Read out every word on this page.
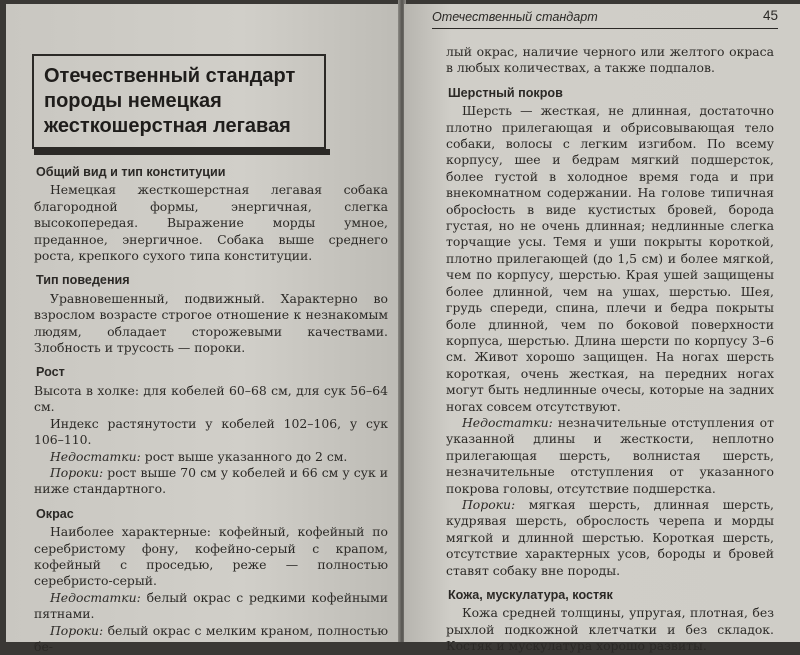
Отечественный стандарт
породы немецкая
жесткошерстная легавая
Общий вид и тип конституции

Немецкая жесткошерстная легавая собака благородной формы, энергичная, слегка высокопередая. Выражение морды умное, преданное, энергичное. Собака выше среднего роста, крепкого сухого типа конституции.

Тип поведения

Уравновешенный, подвижный. Характерно во взрослом возрасте строгое отношение к незнакомым людям, обладает сторожевыми качествами. Злобность и трусость — пороки.

Рост

Высота в холке: для кобелей 60–68 см, для сук 56–64 см.

Индекс растянутости у кобелей 102–106, у сук 106–110.

Недостатки: рост выше указанного до 2 см.

Пороки: рост выше 70 см у кобелей и 66 см у сук и ниже стандартного.

Окрас

Наиболее характерные: кофейный, кофейный по серебристому фону, кофейно-серый с крапом, кофейный с проседью, реже — полностью серебристо-серый.

Недостатки: белый окрас с редкими кофейными пятнами.

Пороки: белый окрас с мелким краном, полностью бе-

Отечественный стандарт	45

лый окрас, наличие черного или желтого окраса в любых количествах, а также подпалов.

Шерстный покров

Шерсть — жесткая, не длинная, достаточно плотно прилегающая и обрисовывающая тело собаки, волосы с легким изгибом. По всему корпусу, шее и бедрам мягкий подшерсток, более густой в холодное время года и при внекомнатном содержании. На голове типичная обросłость в виде кустистых бровей, борода густая, но не очень длинная; недлинные слегка торчащие усы. Темя и уши покрыты короткой, плотно прилегающей (до 1,5 см) и более мягкой, чем по корпусу, шерстью. Края ушей защищены более длинной, чем на ушах, шерстью. Шея, грудь спереди, спина, плечи и бедра покрыты боле длинной, чем по боковой поверхности корпуса, шерстью. Длина шерсти по корпусу 3–6 см. Живот хорошо защищен. На ногах шерсть короткая, очень жесткая, на передних ногах могут быть недлинные очесы, которые на задних ногах совсем отсутствуют.

Недостатки: незначительные отступления от указанной длины и жесткости, неплотно прилегающая шерсть, волнистая шерсть, незначительные отступления от указанного покрова головы, отсутствие подшерстка.

Пороки: мягкая шерсть, длинная шерсть, кудрявая шерсть, оброслость черепа и морды мягкой и длинной шерстью. Короткая шерсть, отсутствие характерных усов, бороды и бровей ставят собаку вне породы.

Кожа, мускулатура, костяк

Кожа средней толщины, упругая, плотная, без рыхлой подкожной клетчатки и без складок. Костяк и мускулатура хорошо развиты.
